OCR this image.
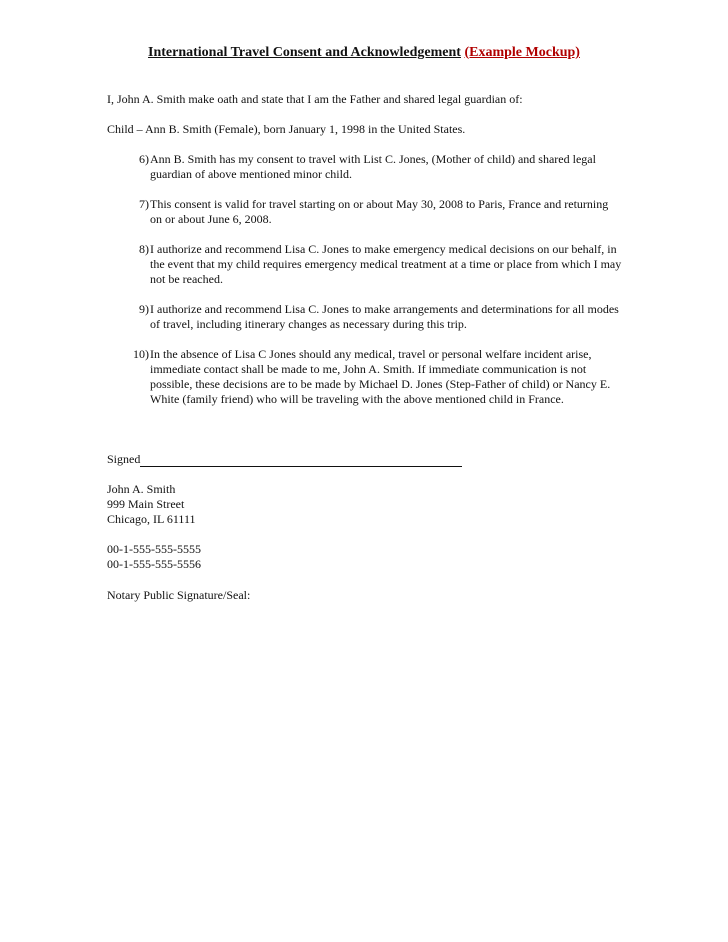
International Travel Consent and Acknowledgement (Example Mockup)

I, John A. Smith make oath and state that I am the Father and shared legal guardian of:

Child – Ann B. Smith (Female), born January 1, 1998 in the United States.

6) Ann B. Smith has my consent to travel with List C. Jones, (Mother of child) and shared legal guardian of above mentioned minor child.
7) This consent is valid for travel starting on or about May 30, 2008 to Paris, France and returning on or about June 6, 2008.
8) I authorize and recommend Lisa C. Jones to make emergency medical decisions on our behalf, in the event that my child requires emergency medical treatment at a time or place from which I may not be reached.
9) I authorize and recommend Lisa C. Jones to make arrangements and determinations for all modes of travel, including itinerary changes as necessary during this trip.
10) In the absence of Lisa C Jones should any medical, travel or personal welfare incident arise, immediate contact shall be made to me, John A. Smith. If immediate communication is not possible, these decisions are to be made by Michael D. Jones (Step-Father of child) or Nancy E. White (family friend) who will be traveling with the above mentioned child in France.
Signed
John A. Smith
999 Main Street
Chicago, IL 61111
00-1-555-555-5555
00-1-555-555-5556
Notary Public Signature/Seal:
